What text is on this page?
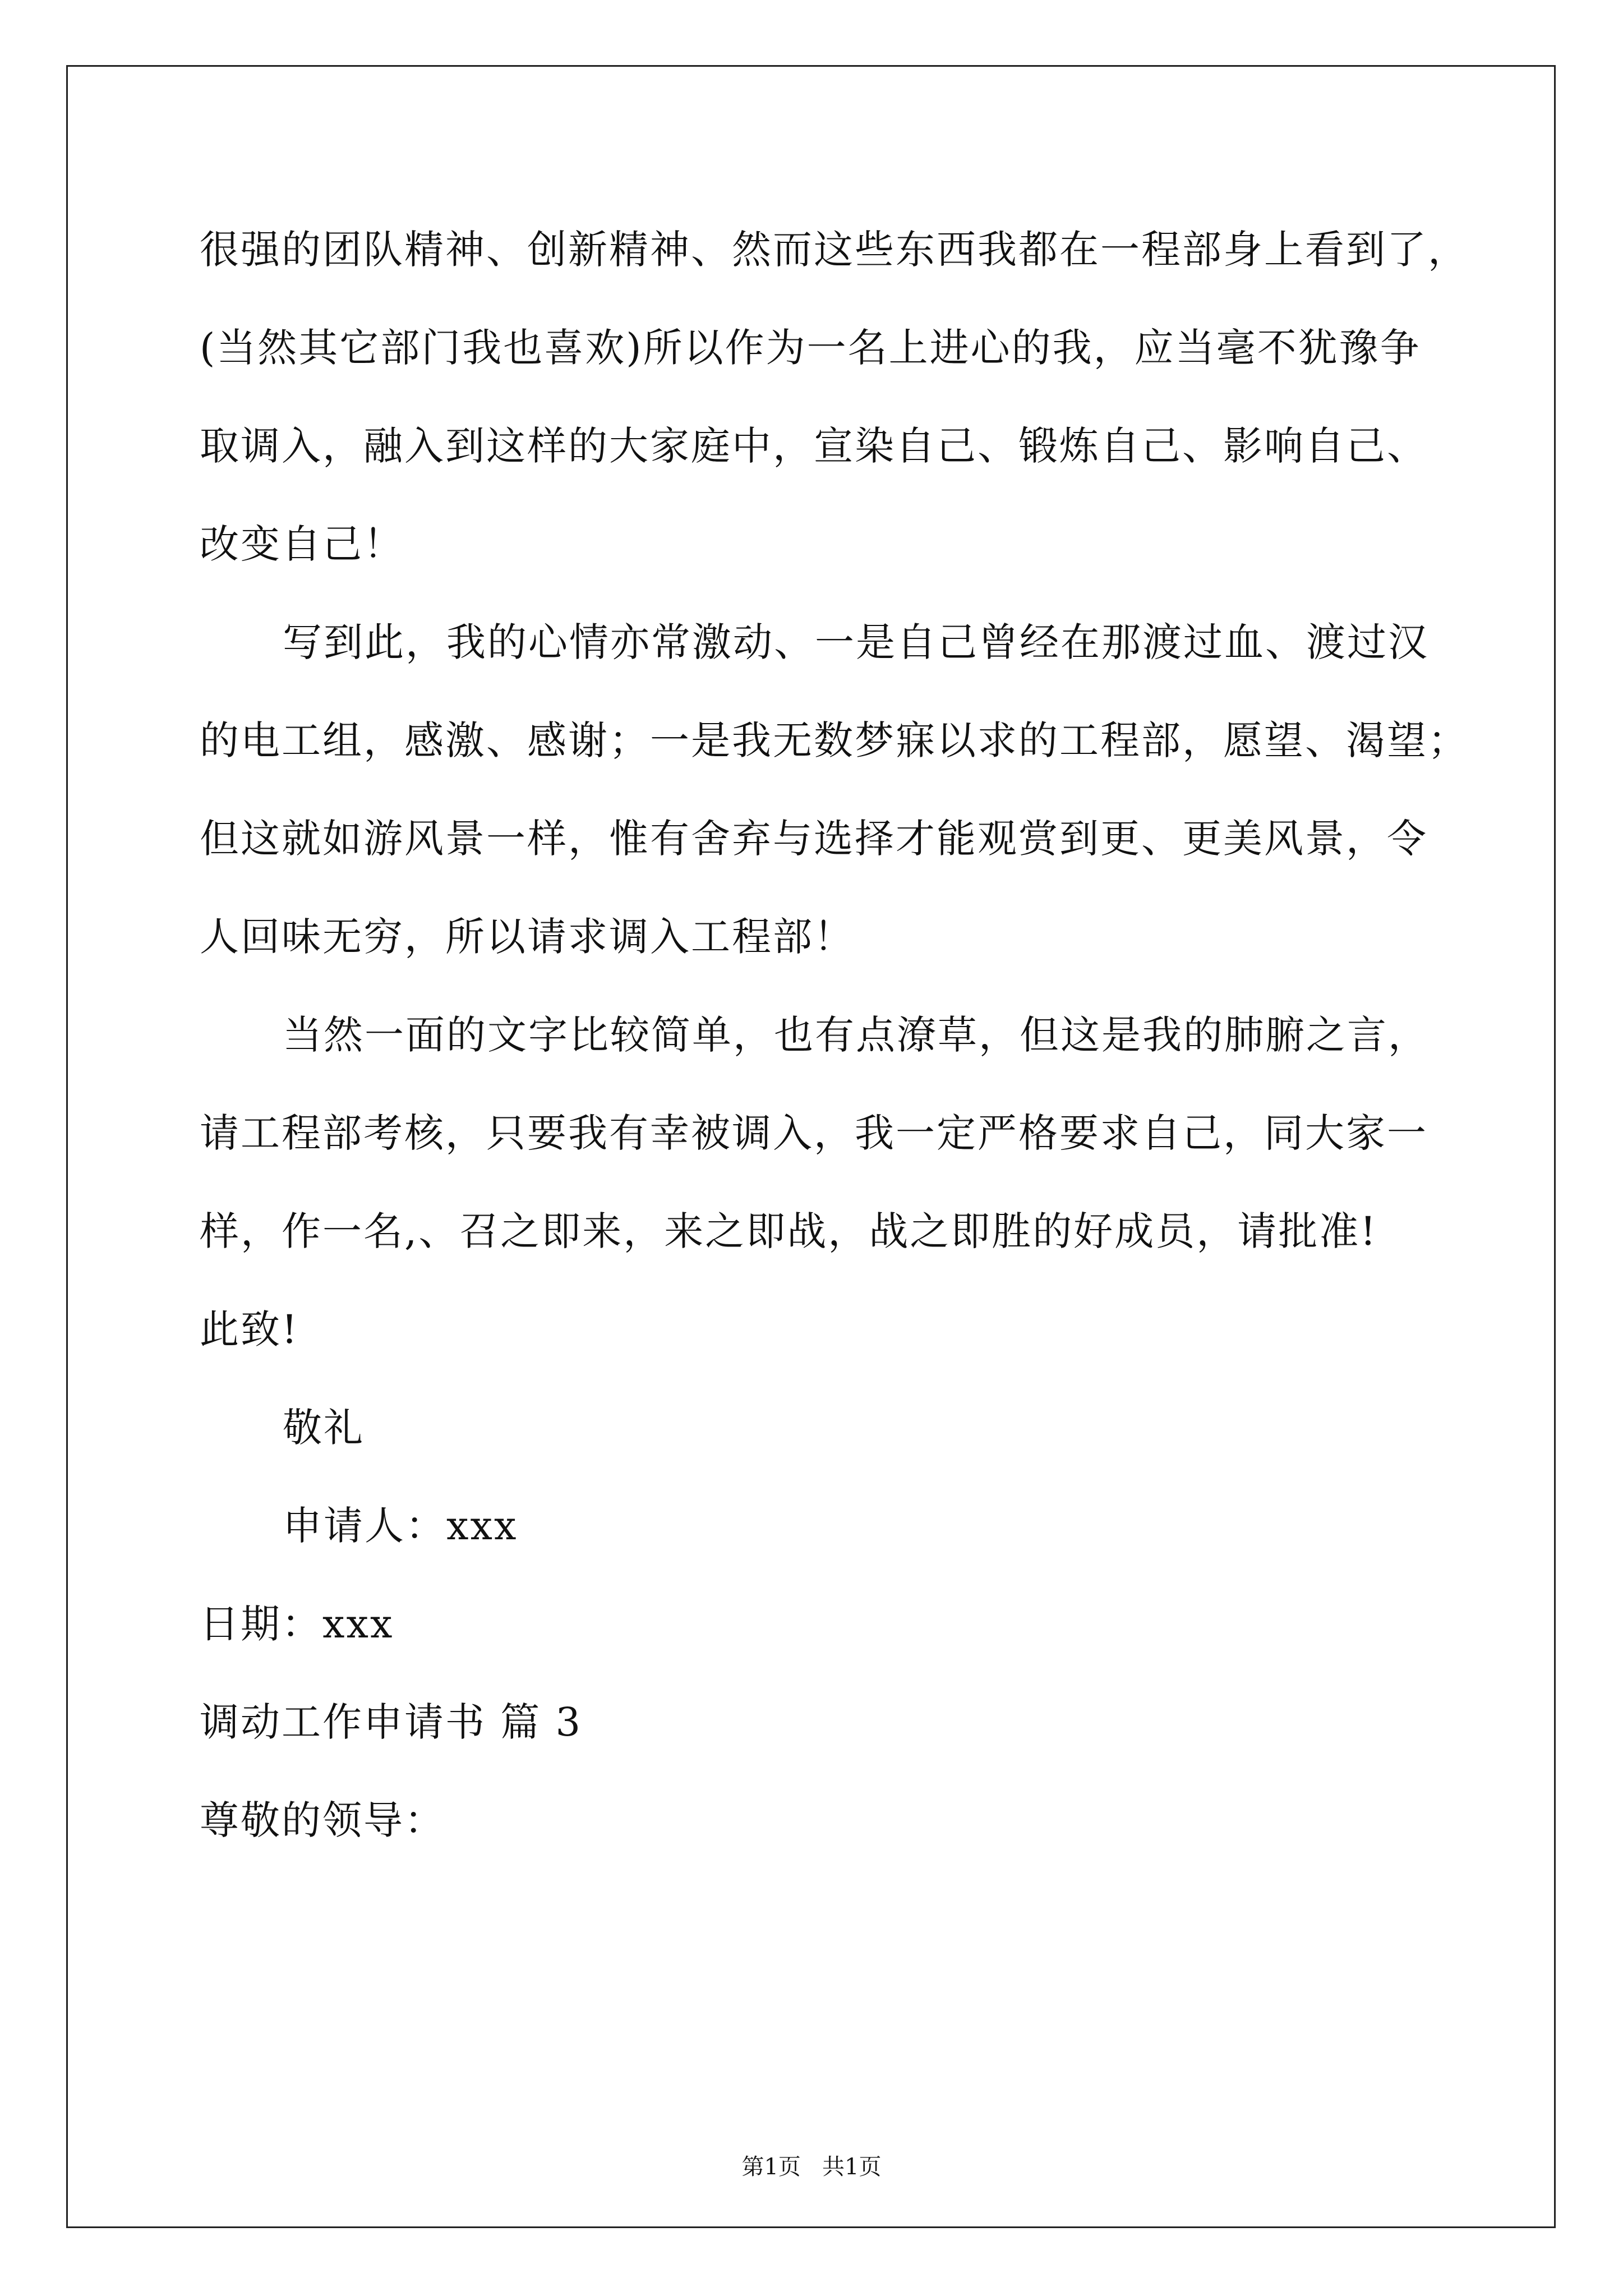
很强的团队精神、创新精神、然而这些东西我都在一程部身上看到了，
(当然其它部门我也喜欢)所以作为一名上进心的我，应当毫不犹豫争
取调入，融入到这样的大家庭中，宣染自己、锻炼自己、影响自己、
改变自己！
写到此，我的心情亦常激动、一是自己曾经在那渡过血、渡过汉
的电工组，感激、感谢；一是我无数梦寐以求的工程部，愿望、渴望；
但这就如游风景一样，惟有舍弃与选择才能观赏到更、更美风景，令
人回味无穷，所以请求调入工程部！
当然一面的文字比较简单，也有点潦草，但这是我的肺腑之言，
请工程部考核，只要我有幸被调入，我一定严格要求自己，同大家一
样，作一名,、召之即来，来之即战，战之即胜的好成员，请批准!
此致!
敬礼
申请人：xxx
日期：xxx
调动工作申请书 篇 3
尊敬的领导：
第1页   共1页
